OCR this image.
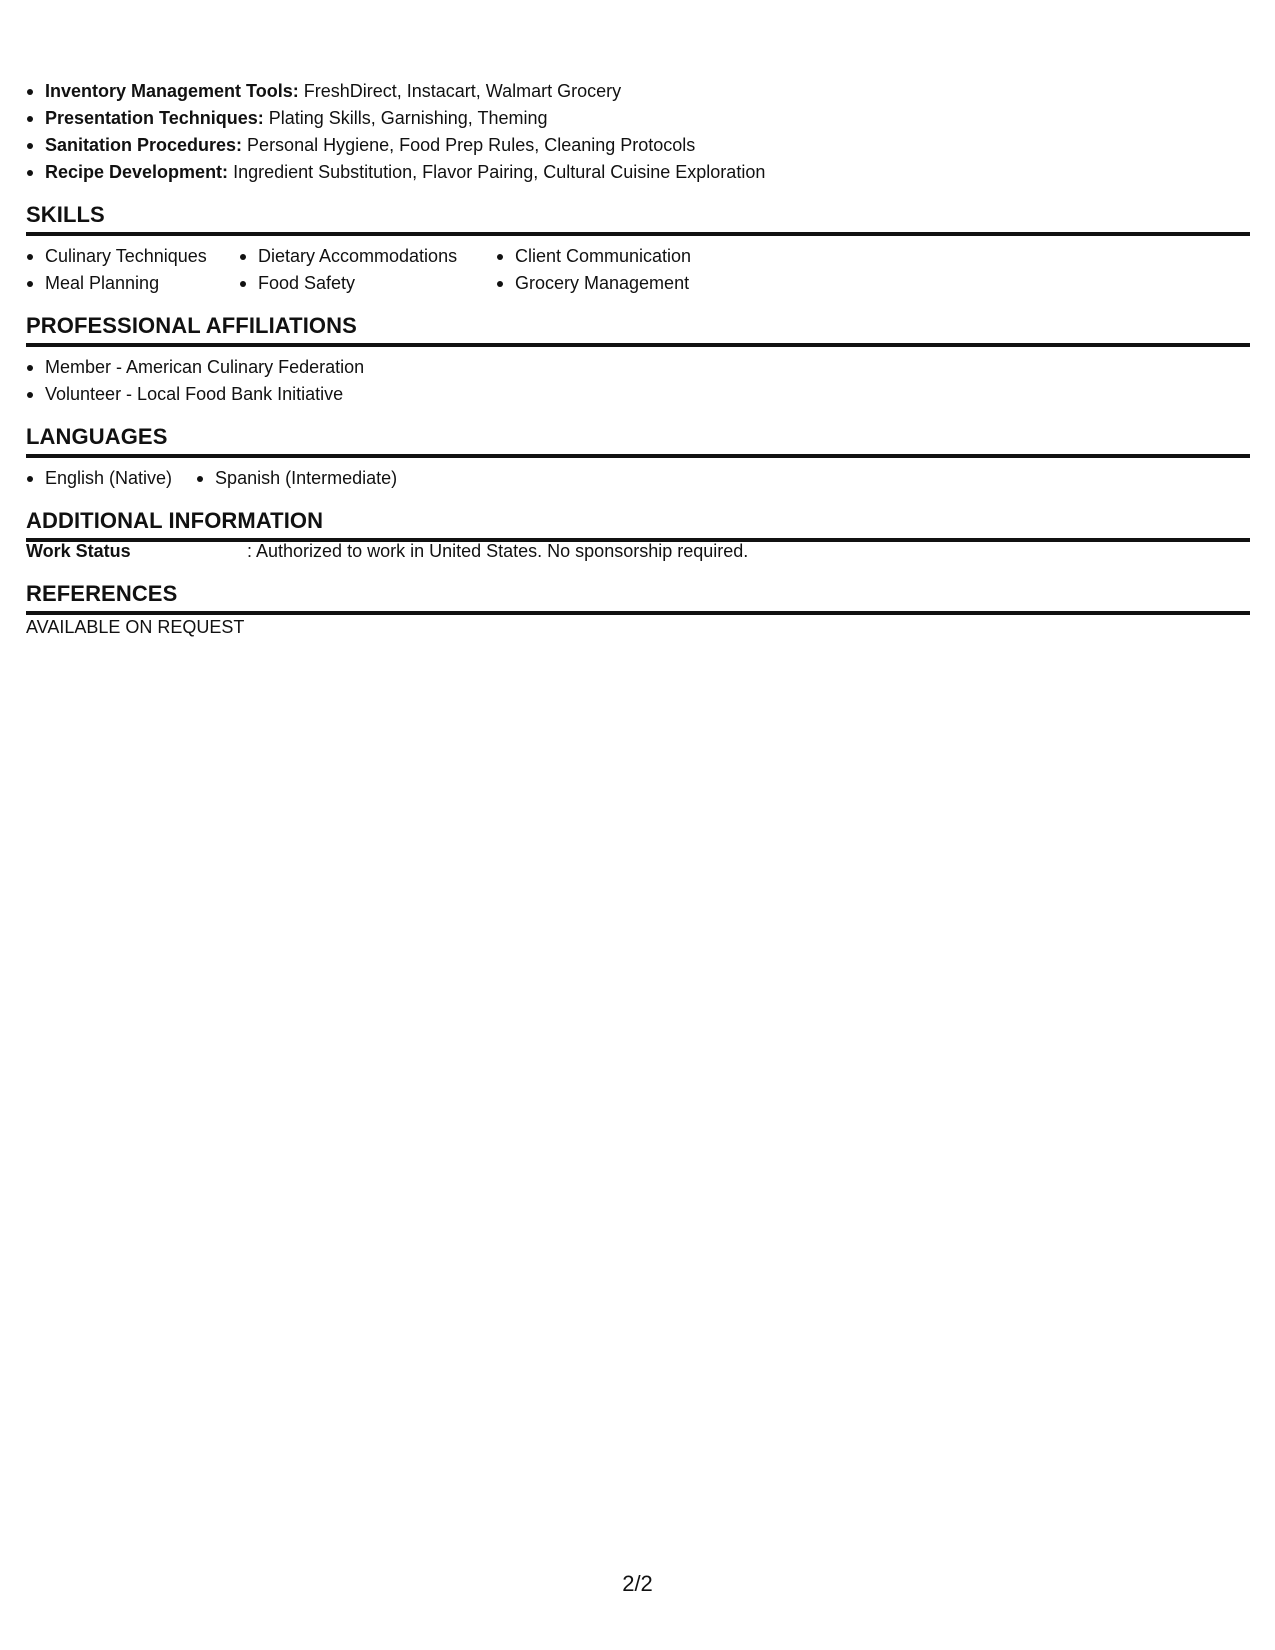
Inventory Management Tools: FreshDirect, Instacart, Walmart Grocery
Presentation Techniques: Plating Skills, Garnishing, Theming
Sanitation Procedures: Personal Hygiene, Food Prep Rules, Cleaning Protocols
Recipe Development: Ingredient Substitution, Flavor Pairing, Cultural Cuisine Exploration
SKILLS
Culinary Techniques
Meal Planning
Dietary Accommodations
Food Safety
Client Communication
Grocery Management
PROFESSIONAL AFFILIATIONS
Member - American Culinary Federation
Volunteer - Local Food Bank Initiative
LANGUAGES
English (Native)	Spanish (Intermediate)
ADDITIONAL INFORMATION
Work Status	: Authorized to work in United States. No sponsorship required.
REFERENCES
AVAILABLE ON REQUEST
2/2
